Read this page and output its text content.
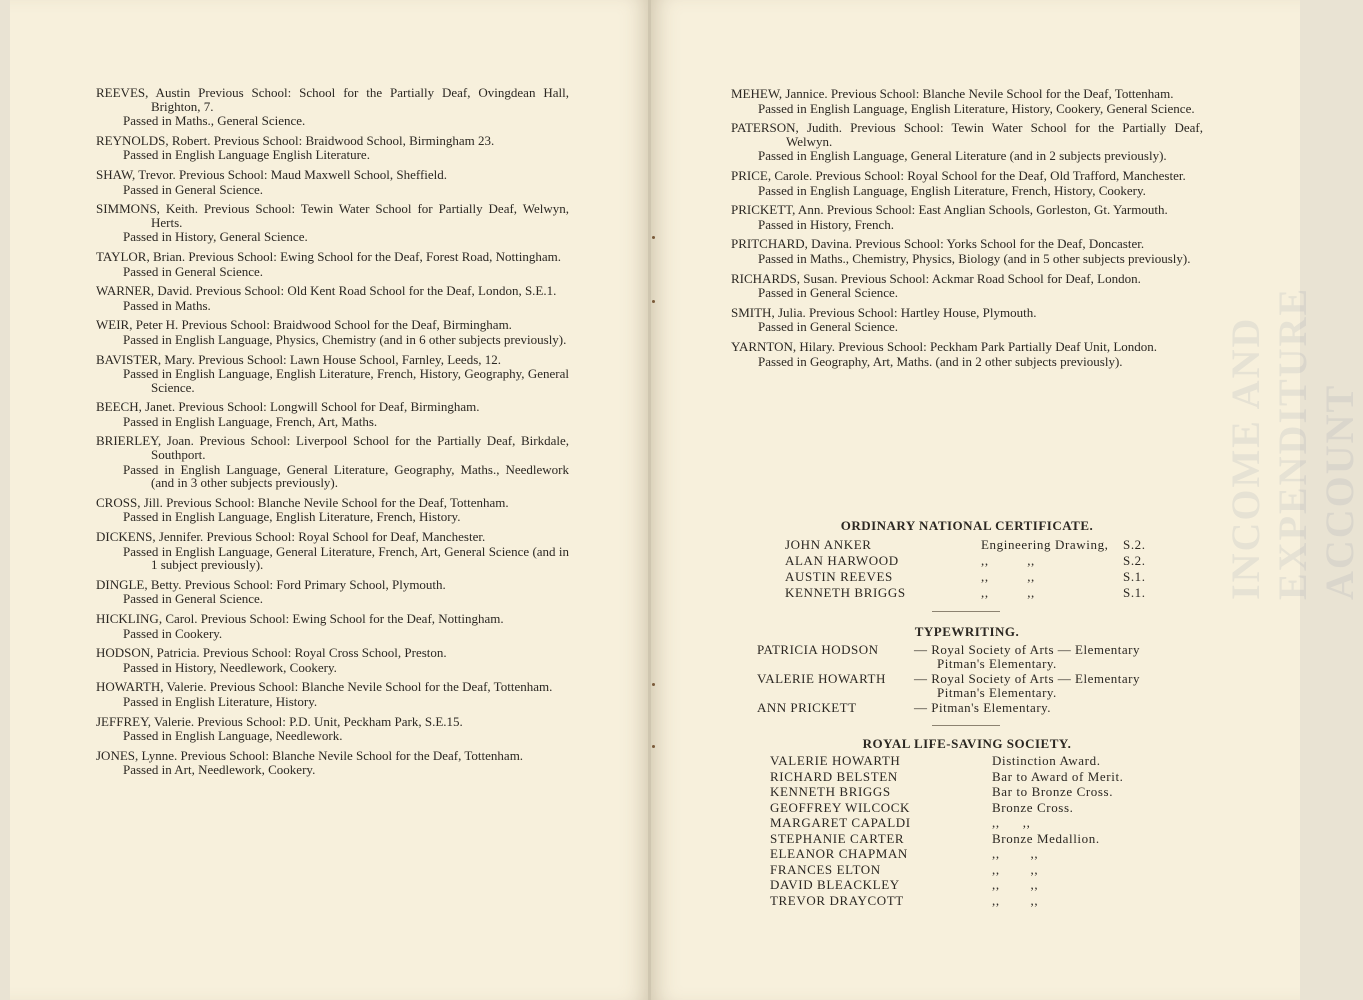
INCOME AND EXPENDITURE ACCOUNT
REEVES, Austin Previous School: School for the Partially Deaf, Ovingdean Hall, Brighton, 7.
Passed in Maths., General Science.
REYNOLDS, Robert. Previous School: Braidwood School, Birmingham 23.
Passed in English Language English Literature.
SHAW, Trevor. Previous School: Maud Maxwell School, Sheffield.
Passed in General Science.
SIMMONS, Keith. Previous School: Tewin Water School for Partially Deaf, Welwyn, Herts.
Passed in History, General Science.
TAYLOR, Brian. Previous School: Ewing School for the Deaf, Forest Road, Nottingham.
Passed in General Science.
WARNER, David. Previous School: Old Kent Road School for the Deaf, London, S.E.1.
Passed in Maths.
WEIR, Peter H. Previous School: Braidwood School for the Deaf, Birmingham.
Passed in English Language, Physics, Chemistry (and in 6 other subjects previously).
BAVISTER, Mary. Previous School: Lawn House School, Farnley, Leeds, 12.
Passed in English Language, English Literature, French, History, Geography, General Science.
BEECH, Janet. Previous School: Longwill School for Deaf, Birmingham.
Passed in English Language, French, Art, Maths.
BRIERLEY, Joan. Previous School: Liverpool School for the Partially Deaf, Birkdale, Southport.
Passed in English Language, General Literature, Geography, Maths., Needlework (and in 3 other subjects previously).
CROSS, Jill. Previous School: Blanche Nevile School for the Deaf, Tottenham.
Passed in English Language, English Literature, French, History.
DICKENS, Jennifer. Previous School: Royal School for Deaf, Manchester.
Passed in English Language, General Literature, French, Art, General Science (and in 1 subject previously).
DINGLE, Betty. Previous School: Ford Primary School, Plymouth.
Passed in General Science.
HICKLING, Carol. Previous School: Ewing School for the Deaf, Nottingham.
Passed in Cookery.
HODSON, Patricia. Previous School: Royal Cross School, Preston.
Passed in History, Needlework, Cookery.
HOWARTH, Valerie. Previous School: Blanche Nevile School for the Deaf, Tottenham.
Passed in English Literature, History.
JEFFREY, Valerie. Previous School: P.D. Unit, Peckham Park, S.E.15.
Passed in English Language, Needlework.
JONES, Lynne. Previous School: Blanche Nevile School for the Deaf, Tottenham.
Passed in Art, Needlework, Cookery.
MEHEW, Jannice. Previous School: Blanche Nevile School for the Deaf, Tottenham.
Passed in English Language, English Literature, History, Cookery, General Science.
PATERSON, Judith. Previous School: Tewin Water School for the Partially Deaf, Welwyn.
Passed in English Language, General Literature (and in 2 subjects previously).
PRICE, Carole. Previous School: Royal School for the Deaf, Old Trafford, Manchester.
Passed in English Language, English Literature, French, History, Cookery.
PRICKETT, Ann. Previous School: East Anglian Schools, Gorleston, Gt. Yarmouth.
Passed in History, French.
PRITCHARD, Davina. Previous School: Yorks School for the Deaf, Doncaster.
Passed in Maths., Chemistry, Physics, Biology (and in 5 other subjects previously).
RICHARDS, Susan. Previous School: Ackmar Road School for Deaf, London.
Passed in General Science.
SMITH, Julia. Previous School: Hartley House, Plymouth.
Passed in General Science.
YARNTON, Hilary. Previous School: Peckham Park Partially Deaf Unit, London.
Passed in Geography, Art, Maths. (and in 2 other subjects previously).
ORDINARY NATIONAL CERTIFICATE.
JOHN ANKER	Engineering Drawing, S.2.
ALAN HARWOOD	,,          ,,	S.2.
AUSTIN REEVES	,,          ,,	S.1.
KENNETH BRIGGS	,,          ,,	S.1.
TYPEWRITING.
PATRICIA HODSON	— Royal Society of Arts — Elementary
Pitman's Elementary.
VALERIE HOWARTH — Royal Society of Arts — Elementary
Pitman's Elementary.
ANN PRICKETT	— Pitman's Elementary.
ROYAL LIFE-SAVING SOCIETY.
VALERIE HOWARTH	Distinction Award.
RICHARD BELSTEN	Bar to Award of Merit.
KENNETH BRIGGS	Bar to Bronze Cross.
GEOFFREY WILCOCK	Bronze Cross.
MARGARET CAPALDI	,,      ,,
STEPHANIE CARTER	Bronze Medallion.
ELEANOR CHAPMAN	,,        ,,
FRANCES ELTON	,,        ,,
DAVID BLEACKLEY	,,        ,,
TREVOR DRAYCOTT	,,        ,,
